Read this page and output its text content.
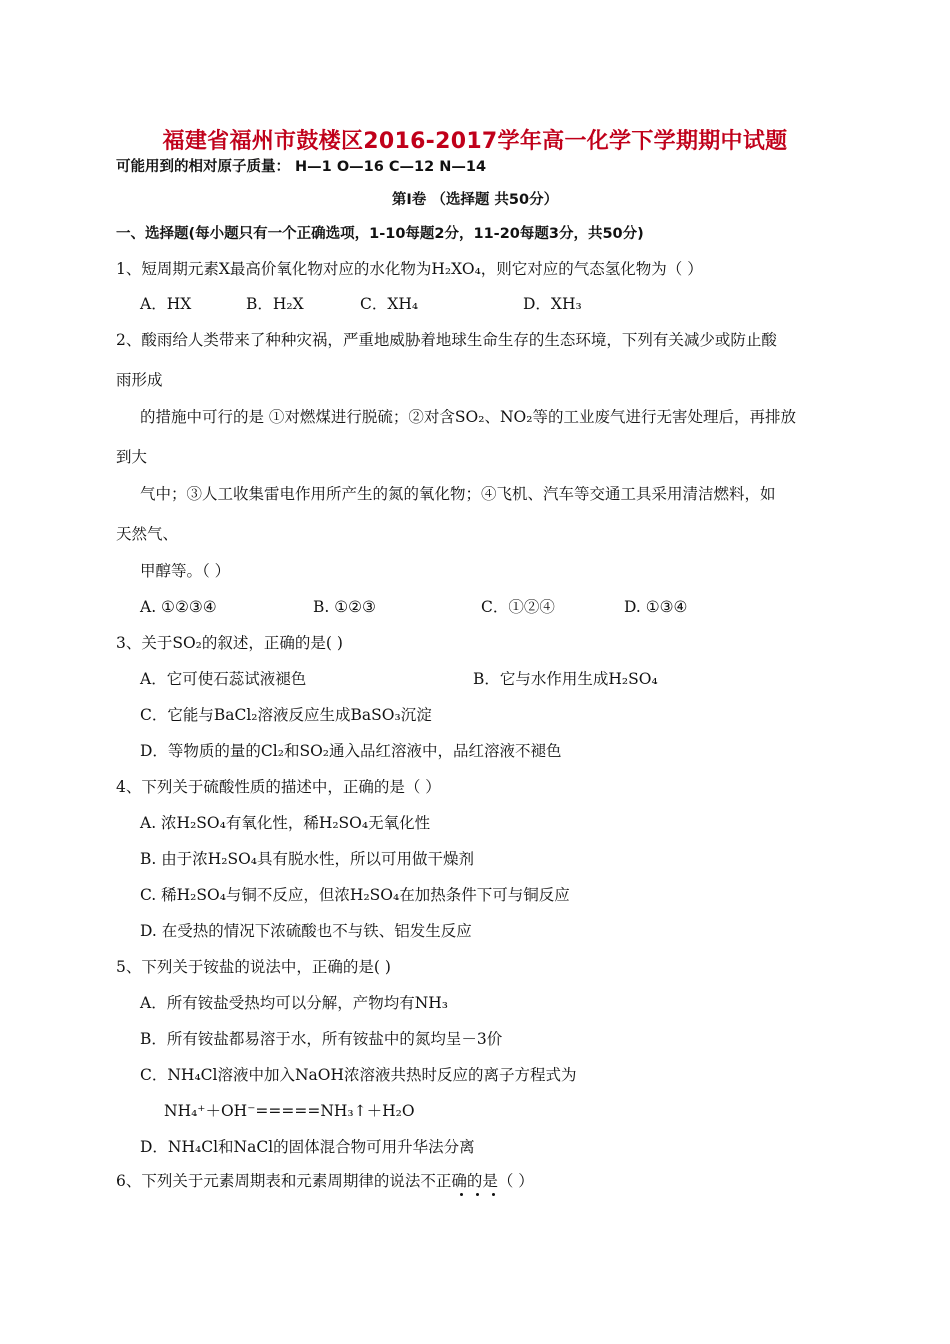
福建省福州市鼓楼区2016-2017学年高一化学下学期期中试题
可能用到的相对原子质量： H—1 O—16 C—12 N—14
第Ⅰ卷 （选择题 共50分）
一、选择题(每小题只有一个正确选项，1-10每题2分，11-20每题3分，共50分)
1、短周期元素X最高价氧化物对应的水化物为H₂XO₄，则它对应的气态氢化物为（ ）
A．HX	B．H₂X	C．XH₄	D．XH₃
2、酸雨给人类带来了种种灾祸，严重地威胁着地球生命生存的生态环境，下列有关减少或防止酸
雨形成
的措施中可行的是 ①对燃煤进行脱硫；②对含SO₂、NO₂等的工业废气进行无害处理后，再排放
到大
气中；③人工收集雷电作用所产生的氮的氧化物；④飞机、汽车等交通工具采用清洁燃料，如
天然气、
甲醇等。（ ）
A. ①②③④	B. ①②③	C．①②④	D. ①③④
3、关于SO₂的叙述，正确的是( )
A．它可使石蕊试液褪色	B．它与水作用生成H₂SO₄
C．它能与BaCl₂溶液反应生成BaSO₃沉淀
D．等物质的量的Cl₂和SO₂通入品红溶液中，品红溶液不褪色
4、下列关于硫酸性质的描述中，正确的是（ ）
A. 浓H₂SO₄有氧化性，稀H₂SO₄无氧化性
B. 由于浓H₂SO₄具有脱水性，所以可用做干燥剂
C. 稀H₂SO₄与铜不反应，但浓H₂SO₄在加热条件下可与铜反应
D. 在受热的情况下浓硫酸也不与铁、铝发生反应
5、下列关于铵盐的说法中，正确的是( )
A．所有铵盐受热均可以分解，产物均有NH₃
B．所有铵盐都易溶于水，所有铵盐中的氮均呈－3价
C．NH₄Cl溶液中加入NaOH浓溶液共热时反应的离子方程式为
NH₄⁺＋OH⁻=====NH₃↑＋H₂O
D．NH₄Cl和NaCl的固体混合物可用升华法分离
6、下列关于元素周期表和元素周期律的说法不正确的是（ ）
